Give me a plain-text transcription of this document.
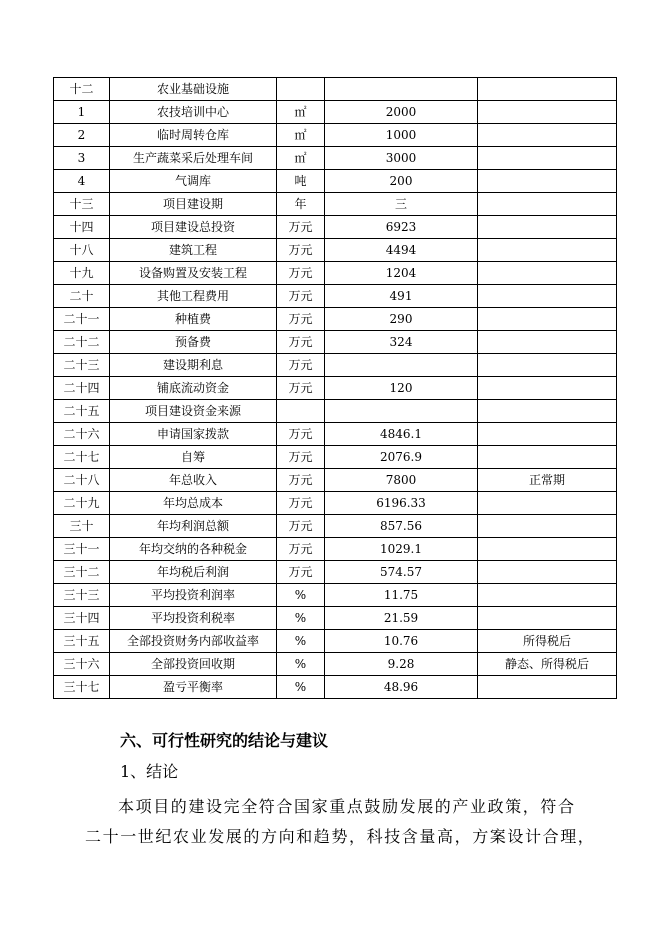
十二	农业基础设施			
1	农技培训中心	㎡	2000	
2	临时周转仓库	㎡	1000	
3	生产蔬菜采后处理车间	㎡	3000	
4	气调库	吨	200	
十三	项目建设期	年	三	
十四	项目建设总投资	万元	6923	
十八	建筑工程	万元	4494	
十九	设备购置及安装工程	万元	1204	
二十	其他工程费用	万元	491	
二十一	种植费	万元	290	
二十二	预备费	万元	324	
二十三	建设期利息	万元		
二十四	铺底流动资金	万元	120	
二十五	项目建设资金来源			
二十六	申请国家拨款	万元	4846.1	
二十七	自筹	万元	2076.9	
二十八	年总收入	万元	7800	正常期
二十九	年均总成本	万元	6196.33	
三十	年均利润总额	万元	857.56	
三十一	年均交纳的各种税金	万元	1029.1	
三十二	年均税后利润	万元	574.57	
三十三	平均投资利润率	%	11.75	
三十四	平均投资利税率	%	21.59	
三十五	全部投资财务内部收益率	%	10.76	所得税后
三十六	全部投资回收期	%	9.28	静态、所得税后
三十七	盈亏平衡率	%	48.96	
六、可行性研究的结论与建议
1、结论
本项目的建设完全符合国家重点鼓励发展的产业政策，符合
二十一世纪农业发展的方向和趋势，科技含量高，方案设计合理，
